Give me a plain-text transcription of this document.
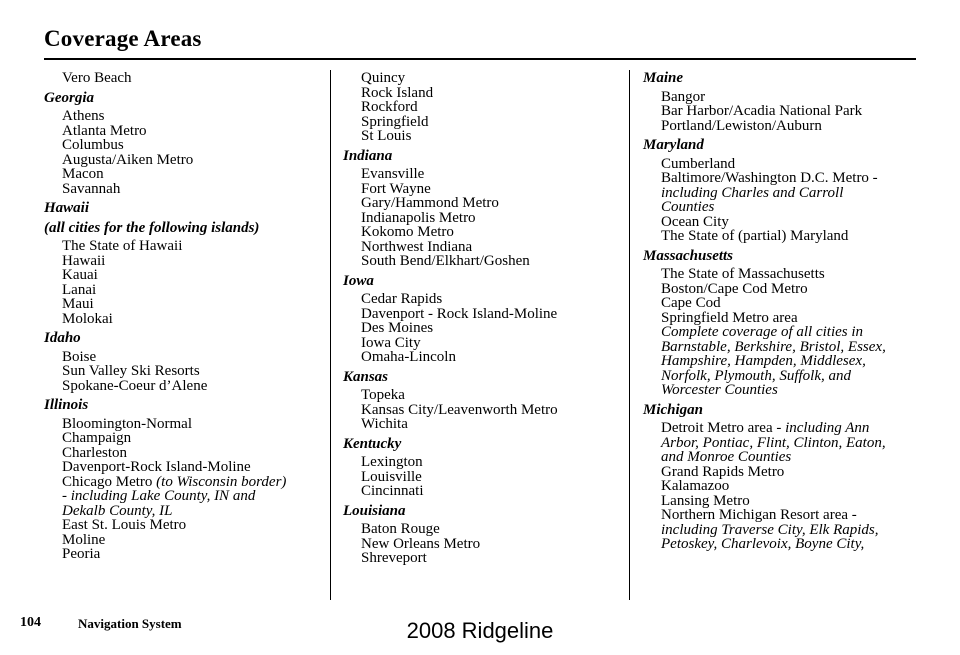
Coverage Areas
Vero Beach
Georgia
Athens
Atlanta Metro
Columbus
Augusta/Aiken Metro
Macon
Savannah
Hawaii
(all cities for the following islands)
The State of Hawaii
Hawaii
Kauai
Lanai
Maui
Molokai
Idaho
Boise
Sun Valley Ski Resorts
Spokane-Coeur d’Alene
Illinois
Bloomington-Normal
Champaign
Charleston
Davenport-Rock Island-Moline
Chicago Metro (to Wisconsin border)
- including Lake County, IN and
Dekalb County, IL
East St. Louis Metro
Moline
Peoria
Quincy
Rock Island
Rockford
Springfield
St Louis
Indiana
Evansville
Fort Wayne
Gary/Hammond Metro
Indianapolis Metro
Kokomo Metro
Northwest Indiana
South Bend/Elkhart/Goshen
Iowa
Cedar Rapids
Davenport - Rock Island-Moline
Des Moines
Iowa City
Omaha-Lincoln
Kansas
Topeka
Kansas City/Leavenworth Metro
Wichita
Kentucky
Lexington
Louisville
Cincinnati
Louisiana
Baton Rouge
New Orleans Metro
Shreveport
Maine
Bangor
Bar Harbor/Acadia National Park
Portland/Lewiston/Auburn
Maryland
Cumberland
Baltimore/Washington D.C. Metro -
including Charles and Carroll
Counties
Ocean City
The State of (partial) Maryland
Massachusetts
The State of Massachusetts
Boston/Cape Cod Metro
Cape Cod
Springfield Metro area
Complete coverage of all cities in
Barnstable, Berkshire, Bristol, Essex,
Hampshire, Hampden, Middlesex,
Norfolk, Plymouth, Suffolk, and
Worcester Counties
Michigan
Detroit Metro area - including Ann
Arbor, Pontiac, Flint, Clinton, Eaton,
and Monroe Counties
Grand Rapids Metro
Kalamazoo
Lansing Metro
Northern Michigan Resort area -
including Traverse City, Elk Rapids,
Petoskey, Charlevoix, Boyne City,
104	Navigation System	2008 Ridgeline
